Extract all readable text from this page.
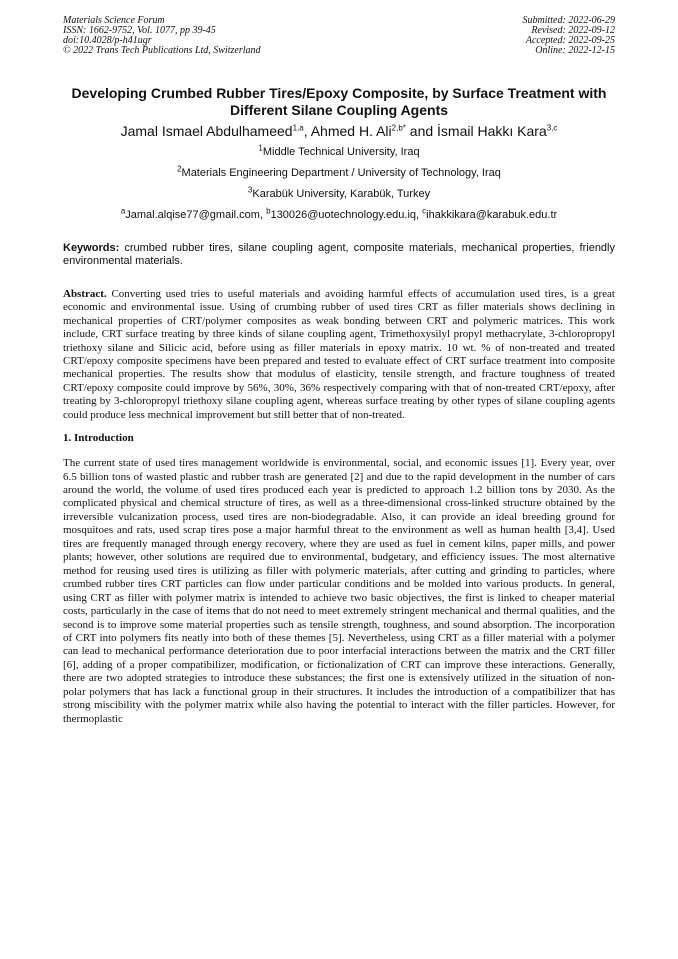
Materials Science Forum
ISSN: 1662-9752, Vol. 1077, pp 39-45
doi:10.4028/p-h41ugr
© 2022 Trans Tech Publications Ltd, Switzerland
Submitted: 2022-06-29
Revised: 2022-09-12
Accepted: 2022-09-25
Online: 2022-12-15
Developing Crumbed Rubber Tires/Epoxy Composite, by Surface Treatment with Different Silane Coupling Agents
Jamal Ismael Abdulhameed$^{1,a}$, Ahmed H. Ali$^{2,b*}$ and İsmail Hakkı Kara$^{3,c}$
$^1$Middle Technical University, Iraq
$^2$Materials Engineering Department / University of Technology, Iraq
$^3$Karabük University, Karabük, Turkey
$^a$Jamal.alqise77@gmail.com, $^b$130026@uotechnology.edu.iq, $^c$ihakkikara@karabuk.edu.tr
Keywords: crumbed rubber tires, silane coupling agent, composite materials, mechanical properties, friendly environmental materials.
Abstract. Converting used tries to useful materials and avoiding harmful effects of accumulation used tires, is a great economic and environmental issue. Using of crumbing rubber of used tires CRT as filler materials shows declining in mechanical properties of CRT/polymer composites as weak bonding between CRT and polymeric matrices. This work include, CRT surface treating by three kinds of silane coupling agent, Trimethoxysilyl propyl methacrylate, 3-chloropropyl triethoxy silane and Silicic acid, before using as filler materials in epoxy matrix. 10 wt. % of non-treated and treated CRT/epoxy composite specimens have been prepared and tested to evaluate effect of CRT surface treatment into composite mechanical properties. The results show that modulus of elasticity, tensile strength, and fracture toughness of treated CRT/epoxy composite could improve by 56%, 30%, 36% respectively comparing with that of non-treated CRT/epoxy, after treating by 3-chloropropyl triethoxy silane coupling agent, whereas surface treating by other types of silane coupling agents could produce less mechnical improvement but still better that of non-treated.
1. Introduction
The current state of used tires management worldwide is environmental, social, and economic issues [1]. Every year, over 6.5 billion tons of wasted plastic and rubber trash are generated [2] and due to the rapid development in the number of cars around the world, the volume of used tires produced each year is predicted to approach 1.2 billion tons by 2030. As the complicated physical and chemical structure of tires, as well as a three-dimensional cross-linked structure obtained by the irreversible vulcanization process, used tires are non-biodegradable. Also, it can provide an ideal breeding ground for mosquitoes and rats, used scrap tires pose a major harmful threat to the environment as well as human health [3,4]. Used tires are frequently managed through energy recovery, where they are used as fuel in cement kilns, paper mills, and power plants; however, other solutions are required due to environmental, budgetary, and efficiency issues. The most alternative method for reusing used tires is utilizing as filler with polymeric materials, after cutting and grinding to particles, where crumbed rubber tires CRT particles can flow under particular conditions and be molded into various products. In general, using CRT as filler with polymer matrix is intended to achieve two basic objectives, the first is linked to cheaper material costs, particularly in the case of items that do not need to meet extremely stringent mechanical and thermal qualities, and the second is to improve some material properties such as tensile strength, toughness, and sound absorption. The incorporation of CRT into polymers fits neatly into both of these themes [5]. Nevertheless, using CRT as a filler material with a polymer can lead to mechanical performance deterioration due to poor interfacial interactions between the matrix and the CRT filler [6], adding of a proper compatibilizer, modification, or fictionalization of CRT can improve these interactions. Generally, there are two adopted strategies to introduce these substances; the first one is extensively utilized in the situation of non-polar polymers that has lack a functional group in their structures. It includes the introduction of a compatibilizer that has strong miscibility with the polymer matrix while also having the potential to interact with the filler particles. However, for thermoplastic
